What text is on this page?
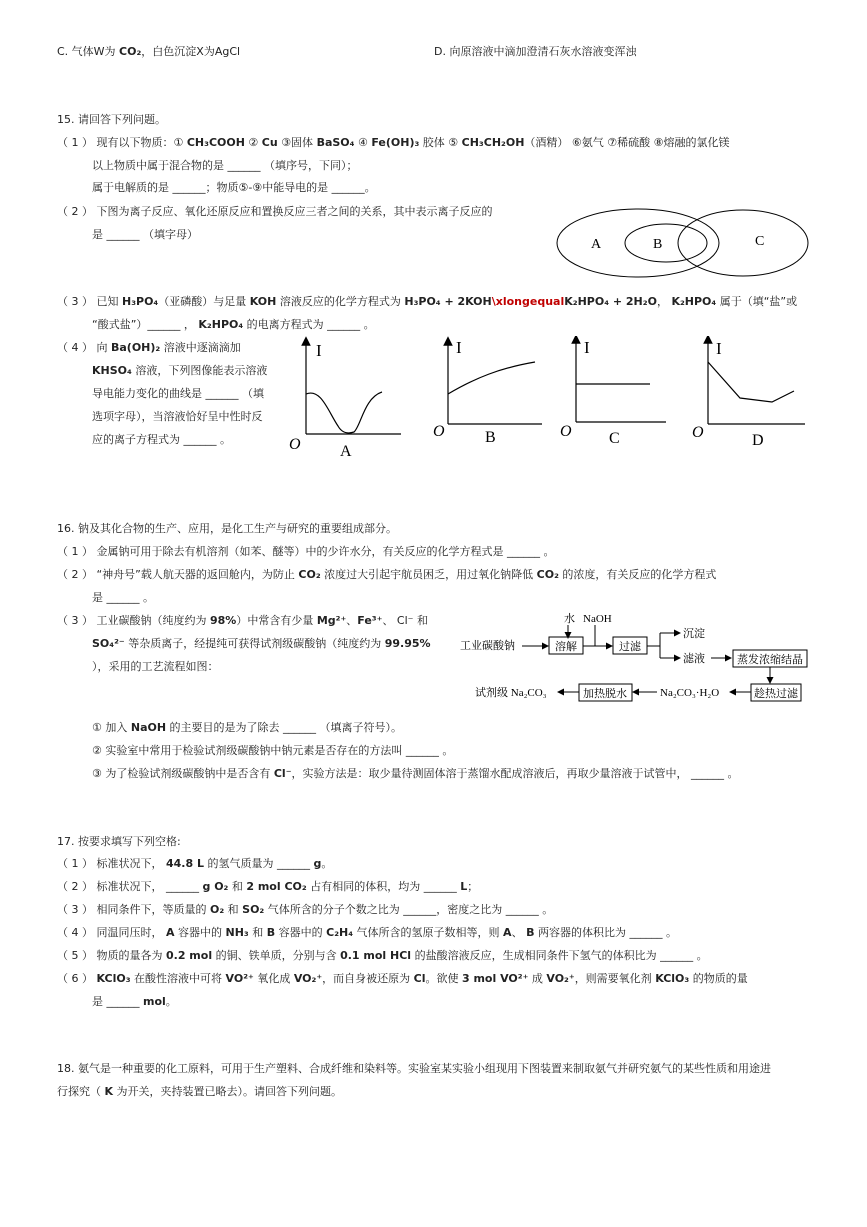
C. 气体W为 CO₂，白色沉淀X为AgCl	D. 向原溶液中滴加澄清石灰水溶液变浑浊
15. 请回答下列问题。
（ 1 ） 现有以下物质：① CH₃COOH ② Cu ③固体 BaSO₄ ④ Fe(OH)₃ 胶体 ⑤ CH₃CH₂OH（酒精） ⑥氨气 ⑦稀硫酸 ⑧熔融的氯化镁
以上物质中属于混合物的是 ______ （填序号，下同）；
属于电解质的是 ______；物质⑤-⑨中能导电的是 ______。
（ 2 ） 下图为离子反应、氧化还原反应和置换反应三者之间的关系，其中表示离子反应的
是 ______ （填字母）
A	B	C
（ 3 ） 已知 H₃PO₄（亚磷酸）与足量 KOH 溶液反应的化学方程式为 H₃PO₄ + 2KOH\xlongequalK₂HPO₄ + 2H₂O， K₂HPO₄ 属于（填“盐”或
“酸式盐”）______ ， K₂HPO₄ 的电离方程式为 ______ 。
（ 4 ） 向 Ba(OH)₂ 溶液中逐滴滴加
KHSO₄ 溶液，下列图像能表示溶液
导电能力变化的曲线是 ______ （填
选项字母），当溶液恰好呈中性时反
应的离子方程式为 ______ 。
I
O A
I
O	B
I
O C
I
O	D
16. 钠及其化合物的生产、应用，是化工生产与研究的重要组成部分。
（ 1 ） 金属钠可用于除去有机溶剂（如苯、醚等）中的少许水分，有关反应的化学方程式是 ______ 。
（ 2 ） “神舟号”载人航天器的返回舱内，为防止 CO₂ 浓度过大引起宇航员困乏，用过氧化钠降低 CO₂ 的浓度，有关反应的化学方程式
是 ______ 。
（ 3 ） 工业碳酸钠（纯度约为 98%）中常含有少量 Mg²⁺、Fe³⁺、 Cl⁻ 和
SO₄²⁻ 等杂质离子，经提纯可获得试剂级碳酸钠（纯度约为 99.95%
），采用的工艺流程如图：
水 NaOH
工业碳酸钠	溶解	过滤
沉淀
滤液	蒸发浓缩结晶
趁热过滤
Na₂CO₃·H₂O
加热脱水
试剂级 Na₂CO₃
① 加入 NaOH 的主要目的是为了除去 ______ （填离子符号）。
② 实验室中常用于检验试剂级碳酸钠中钠元素是否存在的方法叫 ______ 。
③ 为了检验试剂级碳酸钠中是否含有 Cl⁻，实验方法是：取少量待测固体溶于蒸馏水配成溶液后，再取少量溶液于试管中， ______ 。
17. 按要求填写下列空格:
（ 1 ） 标准状况下， 44.8 L 的氢气质量为 ______ g。
（ 2 ） 标准状况下， ______ g O₂ 和 2 mol CO₂ 占有相同的体积，均为 ______ L；
（ 3 ） 相同条件下，等质量的 O₂ 和 SO₂ 气体所含的分子个数之比为 ______，密度之比为 ______ 。
（ 4 ） 同温同压时， A 容器中的 NH₃ 和 B 容器中的 C₂H₄ 气体所含的氢原子数相等，则 A、 B 两容器的体积比为 ______ 。
（ 5 ） 物质的量各为 0.2 mol 的铜、铁单质，分别与含 0.1 mol HCl 的盐酸溶液反应，生成相同条件下氢气的体积比为 ______ 。
（ 6 ） KClO₃ 在酸性溶液中可将 VO²⁺ 氧化成 VO₂⁺，而自身被还原为 Cl。欲使 3 mol VO²⁺ 成 VO₂⁺，则需要氧化剂 KClO₃ 的物质的量
是 ______ mol。
18. 氨气是一种重要的化工原料，可用于生产塑料、合成纤维和染料等。实验室某实验小组现用下图装置来制取氨气并研究氨气的某些性质和用途进
行探究（ K 为开关，夹持装置已略去）。请回答下列问题。
